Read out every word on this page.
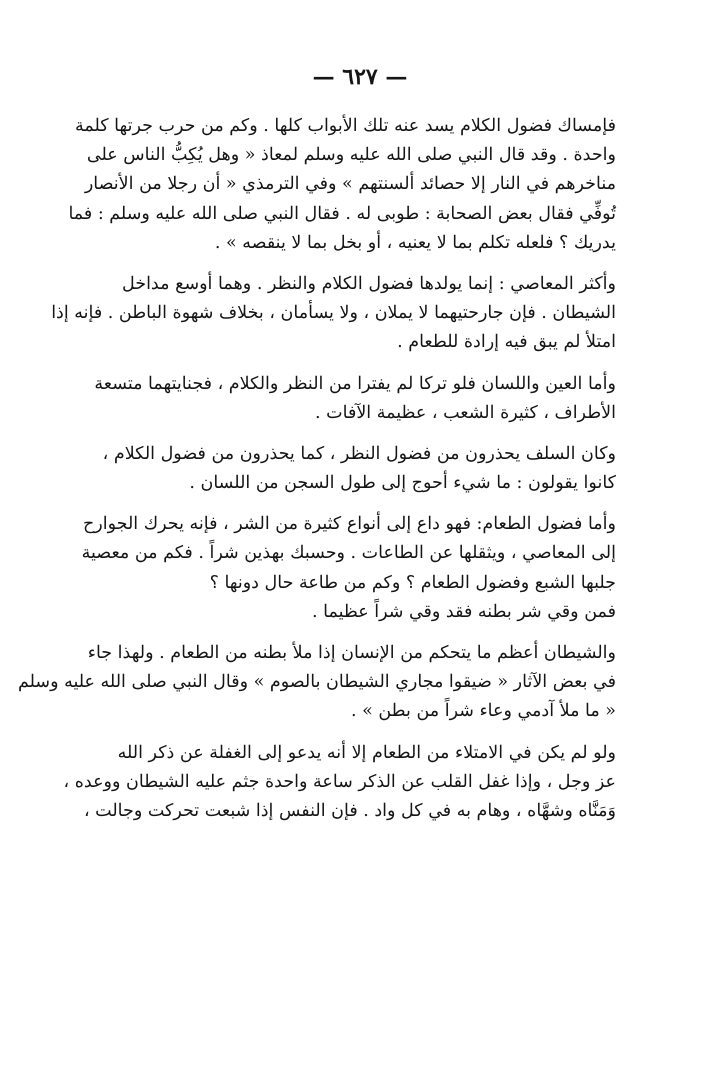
— ٦٢٧ —
فإمساك فضول الكلام يسد عنه تلك الأبواب كلها . وكم من حرب جرتها كلمة
واحدة . وقد قال النبي صلى الله عليه وسلم لمعاذ « وهل يُكِبُّ الناس على
مناخرهم في النار إلا حصائد ألسنتهم » وفي الترمذي « أن رجلا من الأنصار
تُوفِّي فقال بعض الصحابة : طوبى له . فقال النبي صلى الله عليه وسلم : فما
يدريك ؟ فلعله تكلم بما لا يعنيه ، أو بخل بما لا ينقصه » .
وأكثر المعاصي : إنما يولدها فضول الكلام والنظر . وهما أوسع مداخل
الشيطان . فإن جارحتيهما لا يملان ، ولا يسأمان ، بخلاف شهوة الباطن . فإنه إذا
امتلأ لم يبق فيه إرادة للطعام .
وأما العين واللسان فلو تركا لم يفترا من النظر والكلام ، فجنايتهما متسعة
الأطراف ، كثيرة الشعب ، عظيمة الآفات .
وكان السلف يحذرون من فضول النظر ، كما يحذرون من فضول الكلام ،
كانوا يقولون : ما شيء أحوج إلى طول السجن من اللسان .
وأما فضول الطعام: فهو داع إلى أنواع كثيرة من الشر ، فإنه يحرك الجوارح
إلى المعاصي ، ويثقلها عن الطاعات . وحسبك بهذين شراً . فكم من معصية
جلبها الشبع وفضول الطعام ؟ وكم من طاعة حال دونها ؟
فمن وقي شر بطنه فقد وقي شراً عظيما .
والشيطان أعظم ما يتحكم من الإنسان إذا ملأ بطنه من الطعام . ولهذا جاء
في بعض الآثار « ضيقوا مجاري الشيطان بالصوم » وقال النبي صلى الله عليه وسلم
« ما ملأ آدمي وعاء شراً من بطن » .
ولو لم يكن في الامتلاء من الطعام إلا أنه يدعو إلى الغفلة عن ذكر الله
عز وجل ، وإذا غفل القلب عن الذكر ساعة واحدة جثم عليه الشيطان ووعده ،
وَمَنَّاه وشهَّاه ، وهام به في كل واد . فإن النفس إذا شبعت تحركت وجالت ،
